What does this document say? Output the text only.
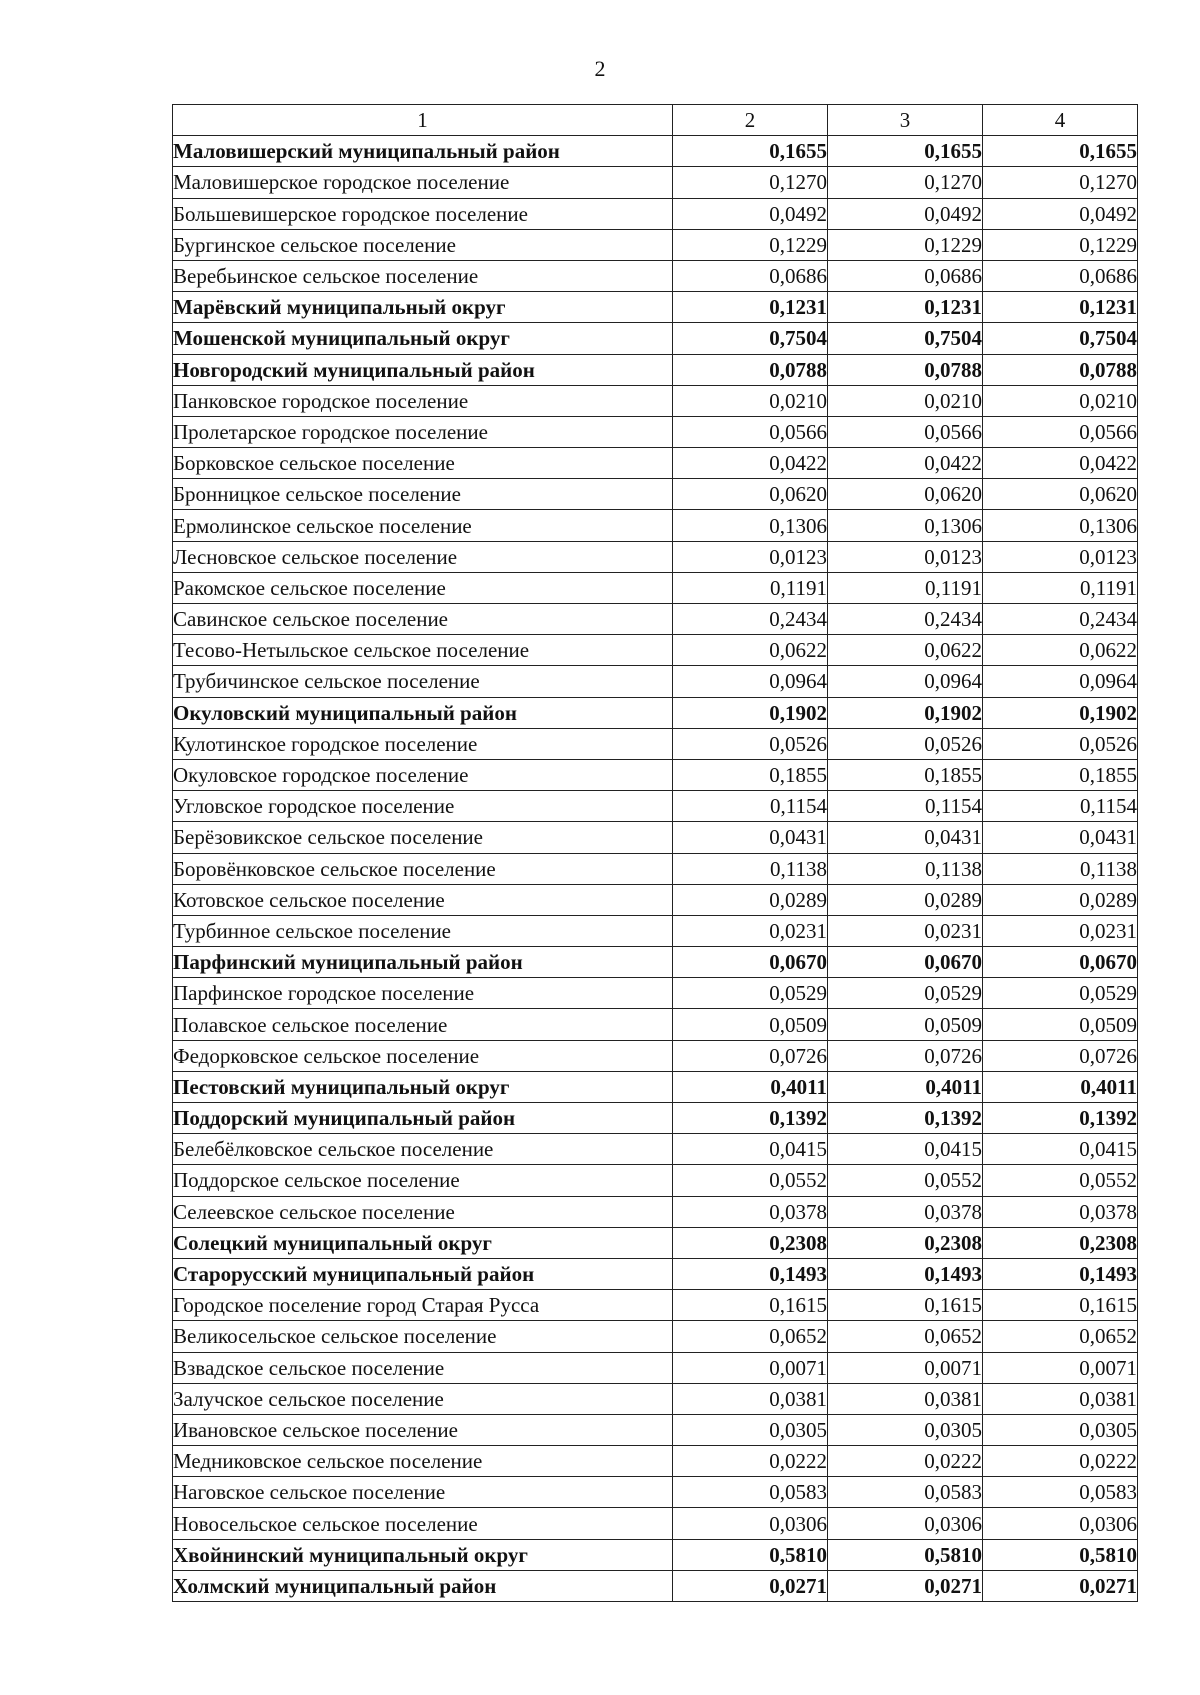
2
1	2	3	4
Маловишерский муниципальный район	0,1655	0,1655	0,1655
Маловишерское городское поселение	0,1270	0,1270	0,1270
Большевишерское городское поселение	0,0492	0,0492	0,0492
Бургинское сельское поселение	0,1229	0,1229	0,1229
Веребьинское сельское поселение	0,0686	0,0686	0,0686
Марёвский муниципальный округ	0,1231	0,1231	0,1231
Мошенской муниципальный округ	0,7504	0,7504	0,7504
Новгородский муниципальный район	0,0788	0,0788	0,0788
Панковское городское поселение	0,0210	0,0210	0,0210
Пролетарское городское поселение	0,0566	0,0566	0,0566
Борковское сельское поселение	0,0422	0,0422	0,0422
Бронницкое сельское поселение	0,0620	0,0620	0,0620
Ермолинское сельское поселение	0,1306	0,1306	0,1306
Лесновское сельское поселение	0,0123	0,0123	0,0123
Ракомское сельское поселение	0,1191	0,1191	0,1191
Савинское сельское поселение	0,2434	0,2434	0,2434
Тесово-Нетыльское сельское поселение	0,0622	0,0622	0,0622
Трубичинское сельское поселение	0,0964	0,0964	0,0964
Окуловский муниципальный район	0,1902	0,1902	0,1902
Кулотинское городское поселение	0,0526	0,0526	0,0526
Окуловское городское поселение	0,1855	0,1855	0,1855
Угловское городское поселение	0,1154	0,1154	0,1154
Берёзовикское сельское поселение	0,0431	0,0431	0,0431
Боровёнковское сельское поселение	0,1138	0,1138	0,1138
Котовское сельское поселение	0,0289	0,0289	0,0289
Турбинное сельское поселение	0,0231	0,0231	0,0231
Парфинский муниципальный район	0,0670	0,0670	0,0670
Парфинское городское поселение	0,0529	0,0529	0,0529
Полавское сельское поселение	0,0509	0,0509	0,0509
Федорковское сельское поселение	0,0726	0,0726	0,0726
Пестовский муниципальный округ	0,4011	0,4011	0,4011
Поддорский муниципальный район	0,1392	0,1392	0,1392
Белебёлковское сельское поселение	0,0415	0,0415	0,0415
Поддорское сельское поселение	0,0552	0,0552	0,0552
Селеевское сельское поселение	0,0378	0,0378	0,0378
Солецкий муниципальный округ	0,2308	0,2308	0,2308
Старорусский муниципальный район	0,1493	0,1493	0,1493
Городское поселение город Старая Русса	0,1615	0,1615	0,1615
Великосельское сельское поселение	0,0652	0,0652	0,0652
Взвадское сельское поселение	0,0071	0,0071	0,0071
Залучское сельское поселение	0,0381	0,0381	0,0381
Ивановское сельское поселение	0,0305	0,0305	0,0305
Медниковское сельское поселение	0,0222	0,0222	0,0222
Наговское сельское поселение	0,0583	0,0583	0,0583
Новосельское сельское поселение	0,0306	0,0306	0,0306
Хвойнинский муниципальный округ	0,5810	0,5810	0,5810
Холмский муниципальный район	0,0271	0,0271	0,0271
